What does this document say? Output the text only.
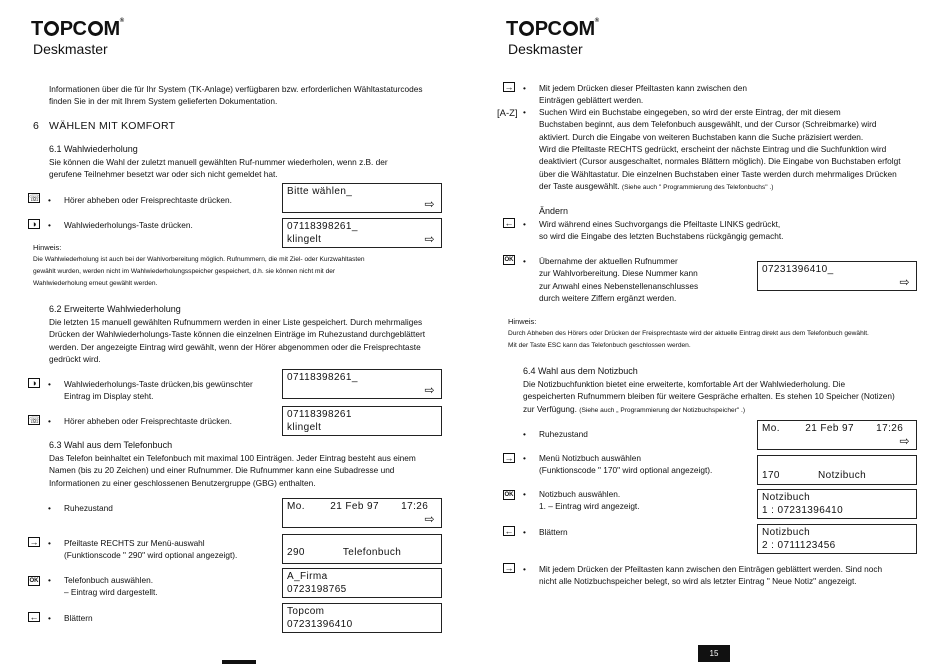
T PC M®
Deskmaster
Informationen über die für Ihr System (TK-Anlage) verfügbaren bzw. erforderlichen Wähltastaturcodes
finden Sie in der mit Ihrem System gelieferten Dokumentation.
6 WÄHLEN MIT KOMFORT
6.1 Wahlwiederholung
Sie können die Wahl der zuletzt manuell gewählten Ruf-nummer wiederholen, wenn z.B. der
gerufene Teilnehmer besetzt war oder sich nicht gemeldet hat.
☏ • Hörer abheben oder Freisprechtaste drücken.
Bitte wählen_
⇨
◑	• Wahlwiederholungs-Taste drücken.	07118398261_
klingelt	⇨
Hinweis:
Die Wahlwiederholung ist auch bei der Wahlvorbereitung möglich. Rufnummern, die mit Ziel- oder Kurzwahltasten
gewählt wurden, werden nicht im Wahlwiederholungsspeicher gespeichert, d.h. sie können nicht mit der
Wahlwiederholung erneut gewählt werden.
6.2 Erweiterte Wahlwiederholung
Die letzten 15 manuell gewählten Rufnummern werden in einer Liste gespeichert. Durch mehrmaliges
Drücken der Wahlwiederholungs-Taste können die einzelnen Einträge im Ruhezustand durchgeblättert
werden. Der angezeigte Eintrag wird gewählt, wenn der Hörer abgenommen oder die Freisprechtaste
gedrückt wird.
◑	• Wahlwiederholungs-Taste drücken,bis gewünschter
Eintrag im Display steht.
07118398261_
⇨
☏ • Hörer abheben oder Freisprechtaste drücken.
07118398261
klingelt
6.3 Wahl aus dem Telefonbuch
Das Telefon beinhaltet ein Telefonbuch mit maximal 100 Einträgen. Jeder Eintrag besteht aus einem
Namen (bis zu 20 Zeichen) und einer Rufnummer. Die Rufnummer kann eine Subadresse und
Informationen zu einer geschlossenen Benutzergruppe (GBG) enthalten.
• Ruhezustand	Mo.        21 Feb 97       17:26
⇨
→ • Pfeiltaste RECHTS zur Menü-auswahl
(Funktionscode " 290" wird optional angezeigt).	290            Telefonbuch
OK • Telefonbuch auswählen.
– Eintrag wird dargestellt.
A_Firma
0723198765
← • Blättern
Topcom
07231396410
T PC M®
Deskmaster
→ • Mit jedem Drücken dieser Pfeiltasten kann zwischen den
Einträgen geblättert werden.
[A-Z] • Suchen Wird ein Buchstabe eingegeben, so wird der erste Eintrag, der mit diesem
Buchstaben beginnt, aus dem Telefonbuch ausgewählt, und der Cursor (Schreibmarke) wird
aktiviert. Durch die Eingabe von weiteren Buchstaben kann die Suche präzisiert werden.
Wird die Pfeiltaste RECHTS gedrückt, erscheint der nächste Eintrag und die Suchfunktion wird
deaktiviert (Cursor ausgeschaltet, normales Blättern möglich). Die Eingabe von Buchstaben erfolgt
über die Wähltastatur. Die einzelnen Buchstaben einer Taste werden durch mehrmaliges Drücken
der Taste ausgewählt. (Siehe auch " Programmierung des Telefonbuchs" .)
Ändern
← • Wird während eines Suchvorgangs die Pfeiltaste LINKS gedrückt,
so wird die Eingabe des letzten Buchstabens rückgängig gemacht.
OK • Übernahme der aktuellen Rufnummer
zur Wahlvorbereitung. Diese Nummer kann
zur Anwahl eines Nebenstellenanschlusses
durch weitere Ziffern ergänzt werden.
07231396410_
⇨
Hinweis:
Durch Abheben des Hörers oder Drücken der Freisprechtaste wird der aktuelle Eintrag direkt aus dem Telefonbuch gewählt.
Mit der Taste ESC kann das Telefonbuch geschlossen werden.
6.4 Wahl aus dem Notizbuch
Die Notizbuchfunktion bietet eine erweiterte, komfortable Art der Wahlwiederholung. Die
gespeicherten Rufnummern bleiben für weitere Gespräche erhalten. Es stehen 10 Speicher (Notizen)
zur Verfügung. (Siehe auch „ Programmierung der Notizbuchspeicher" .)
• Ruhezustand	Mo.        21 Feb 97       17:26
⇨
→ • Menü Notizbuch auswählen
(Funktionscode " 170" wird optional angezeigt).	170            Notzibuch
OK • Notizbuch auswählen.
1. – Eintrag wird angezeigt.
Notzibuch
1 : 07231396410
← • Blättern	Notizbuch
2 : 0711123456
→ • Mit jedem Drücken der Pfeiltasten kann zwischen den Einträgen geblättert werden. Sind noch
nicht alle Notizbuchspeicher belegt, so wird als letzter Eintrag " Neue Notiz" angezeigt.
15
